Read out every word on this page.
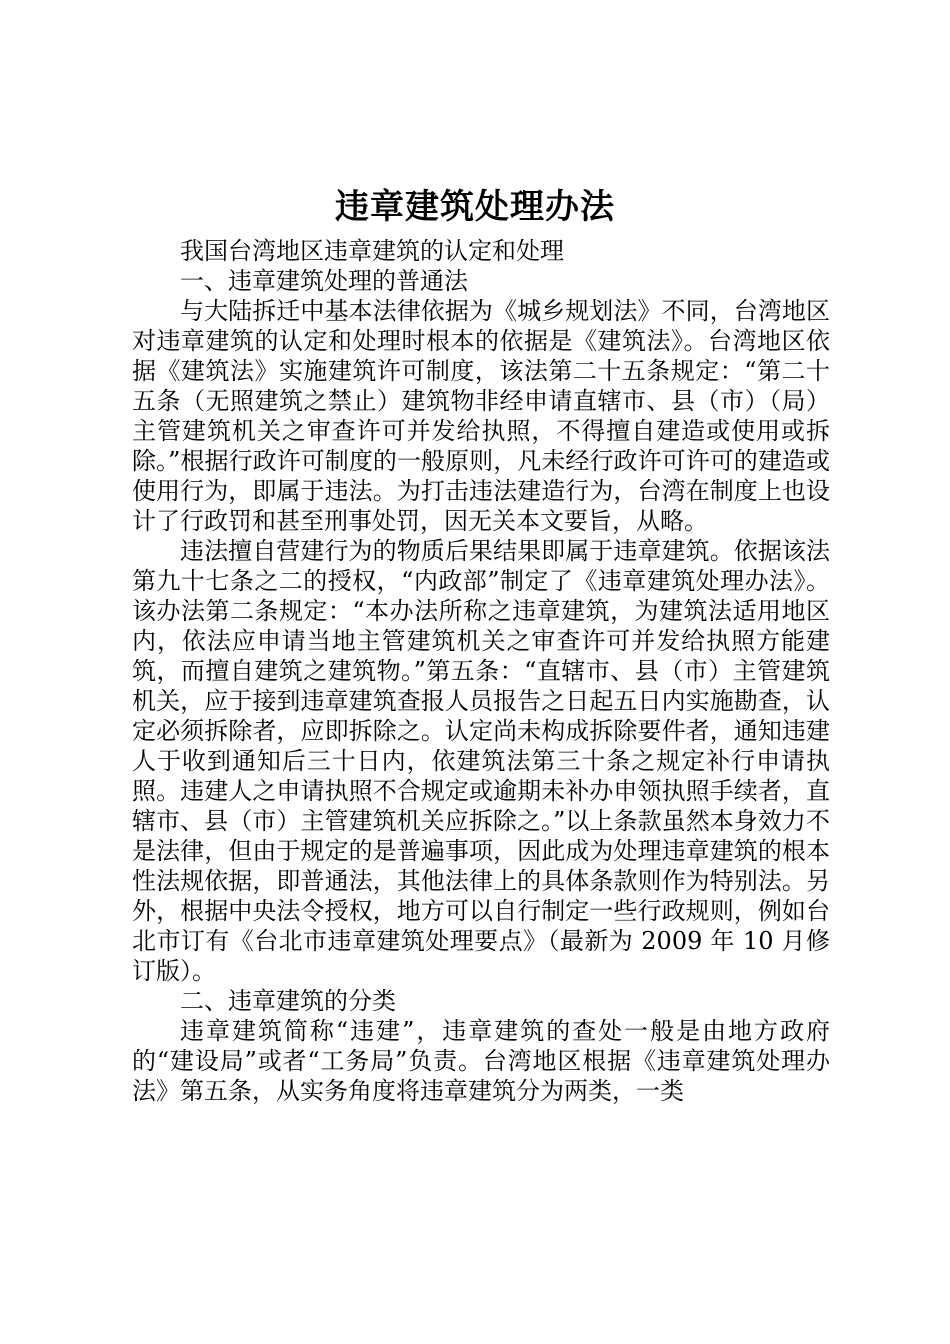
违章建筑处理办法

我国台湾地区违章建筑的认定和处理

一、违章建筑处理的普通法

与大陆拆迁中基本法律依据为《城乡规划法》不同，台湾地区对违章建筑的认定和处理时根本的依据是《建筑法》。台湾地区依据《建筑法》实施建筑许可制度，该法第二十五条规定：“第二十五条（无照建筑之禁止）建筑物非经申请直辖市、县（市）（局）主管建筑机关之审查许可并发给执照，不得擅自建造或使用或拆除。”根据行政许可制度的一般原则，凡未经行政许可许可的建造或使用行为，即属于违法。为打击违法建造行为，台湾在制度上也设计了行政罚和甚至刑事处罚，因无关本文要旨，从略。

违法擅自营建行为的物质后果结果即属于违章建筑。依据该法第九十七条之二的授权，“内政部”制定了《违章建筑处理办法》。该办法第二条规定：“本办法所称之违章建筑，为建筑法适用地区内，依法应申请当地主管建筑机关之审查许可并发给执照方能建筑，而擅自建筑之建筑物。”第五条：“直辖市、县（市）主管建筑机关，应于接到违章建筑查报人员报告之日起五日内实施勘查，认定必须拆除者，应即拆除之。认定尚未构成拆除要件者，通知违建人于收到通知后三十日内，依建筑法第三十条之规定补行申请执照。违建人之申请执照不合规定或逾期未补办申领执照手续者，直辖市、县（市）主管建筑机关应拆除之。”以上条款虽然本身效力不是法律，但由于规定的是普遍事项，因此成为处理违章建筑的根本性法规依据，即普通法，其他法律上的具体条款则作为特别法。另外，根据中央法令授权，地方可以自行制定一些行政规则，例如台北市订有《台北市违章建筑处理要点》（最新为 2009 年 10 月修订版）。

二、违章建筑的分类

违章建筑简称“违建”，违章建筑的查处一般是由地方政府的“建设局”或者“工务局”负责。台湾地区根据《违章建筑处理办法》第五条，从实务角度将违章建筑分为两类，一类
